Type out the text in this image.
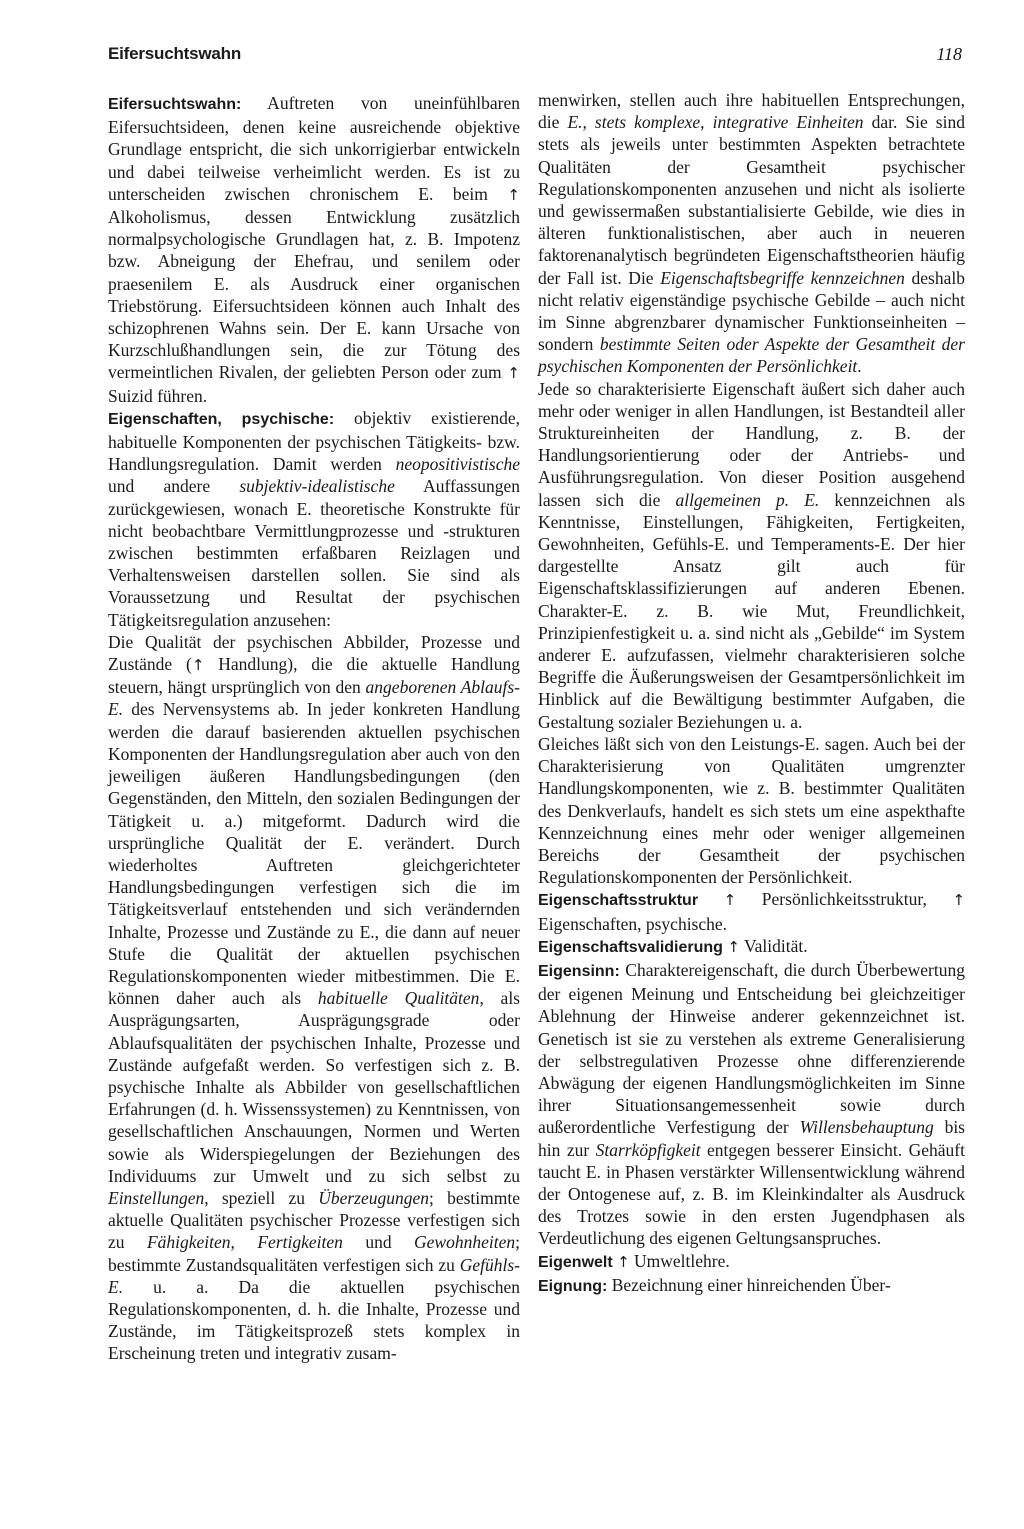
Eifersuchtswahn	118

Eifersuchtswahn: Auftreten von uneinfühlbaren Eifersuchtsideen, denen keine ausreichende objektive Grundlage entspricht, die sich unkorrigierbar entwickeln und dabei teilweise verheimlicht werden. Es ist zu unterscheiden zwischen chronischem E. beim ↑ Alkoholismus, dessen Entwicklung zusätzlich normalpsychologische Grundlagen hat, z. B. Impotenz bzw. Abneigung der Ehefrau, und senilem oder praesenilem E. als Ausdruck einer organischen Triebstörung. Eifersuchtsideen können auch Inhalt des schizophrenen Wahns sein. Der E. kann Ursache von Kurzschlußhandlungen sein, die zur Tötung des vermeintlichen Rivalen, der geliebten Person oder zum ↑ Suizid führen.

Eigenschaften, psychische: objektiv existierende, habituelle Komponenten der psychischen Tätigkeits- bzw. Handlungsregulation. Damit werden neopositivistische und andere subjektiv-idealistische Auffassungen zurückgewiesen, wonach E. theoretische Konstrukte für nicht beobachtbare Vermittlungprozesse und -strukturen zwischen bestimmten erfaßbaren Reizlagen und Verhaltensweisen darstellen sollen. Sie sind als Voraussetzung und Resultat der psychischen Tätigkeitsregulation anzusehen:

Die Qualität der psychischen Abbilder, Prozesse und Zustände (↑ Handlung), die die aktuelle Handlung steuern, hängt ursprünglich von den angeborenen Ablaufs-E. des Nervensystems ab. In jeder konkreten Handlung werden die darauf basierenden aktuellen psychischen Komponenten der Handlungsregulation aber auch von den jeweiligen äußeren Handlungsbedingungen (den Gegenständen, den Mitteln, den sozialen Bedingungen der Tätigkeit u. a.) mitgeformt. Dadurch wird die ursprüngliche Qualität der E. verändert. Durch wiederholtes Auftreten gleichgerichteter Handlungsbedingungen verfestigen sich die im Tätigkeitsverlauf entstehenden und sich verändernden Inhalte, Prozesse und Zustände zu E., die dann auf neuer Stufe die Qualität der aktuellen psychischen Regulationskomponenten wieder mitbestimmen. Die E. können daher auch als habituelle Qualitäten, als Ausprägungsarten, Ausprägungsgrade oder Ablaufsqualitäten der psychischen Inhalte, Prozesse und Zustände aufgefaßt werden. So verfestigen sich z. B. psychische Inhalte als Abbilder von gesellschaftlichen Erfahrungen (d. h. Wissenssystemen) zu Kenntnissen, von gesellschaftlichen Anschauungen, Normen und Werten sowie als Widerspiegelungen der Beziehungen des Individuums zur Umwelt und zu sich selbst zu Einstellungen, speziell zu Überzeugungen; bestimmte aktuelle Qualitäten psychischer Prozesse verfestigen sich zu Fähigkeiten, Fertigkeiten und Gewohnheiten; bestimmte Zustandsqualitäten verfestigen sich zu Gefühls-E. u. a. Da die aktuellen psychischen Regulationskomponenten, d. h. die Inhalte, Prozesse und Zustände, im Tätigkeitsprozeß stets komplex in Erscheinung treten und integrativ zusam-

menwirken, stellen auch ihre habituellen Entsprechungen, die E., stets komplexe, integrative Einheiten dar. Sie sind stets als jeweils unter bestimmten Aspekten betrachtete Qualitäten der Gesamtheit psychischer Regulationskomponenten anzusehen und nicht als isolierte und gewissermaßen substantialisierte Gebilde, wie dies in älteren funktionalistischen, aber auch in neueren faktorenanalytisch begründeten Eigenschaftstheorien häufig der Fall ist. Die Eigenschaftsbegriffe kennzeichnen deshalb nicht relativ eigenständige psychische Gebilde – auch nicht im Sinne abgrenzbarer dynamischer Funktionseinheiten – sondern bestimmte Seiten oder Aspekte der Gesamtheit der psychischen Komponenten der Persönlichkeit.

Jede so charakterisierte Eigenschaft äußert sich daher auch mehr oder weniger in allen Handlungen, ist Bestandteil aller Struktureinheiten der Handlung, z. B. der Handlungsorientierung oder der Antriebs- und Ausführungsregulation. Von dieser Position ausgehend lassen sich die allgemeinen p. E. kennzeichnen als Kenntnisse, Einstellungen, Fähigkeiten, Fertigkeiten, Gewohnheiten, Gefühls-E. und Temperaments-E. Der hier dargestellte Ansatz gilt auch für Eigenschaftsklassifizierungen auf anderen Ebenen. Charakter-E. z. B. wie Mut, Freundlichkeit, Prinzipienfestigkeit u. a. sind nicht als „Gebilde“ im System anderer E. aufzufassen, vielmehr charakterisieren solche Begriffe die Äußerungsweisen der Gesamtpersönlichkeit im Hinblick auf die Bewältigung bestimmter Aufgaben, die Gestaltung sozialer Beziehungen u. a.

Gleiches läßt sich von den Leistungs-E. sagen. Auch bei der Charakterisierung von Qualitäten umgrenzter Handlungskomponenten, wie z. B. bestimmter Qualitäten des Denkverlaufs, handelt es sich stets um eine aspekthafte Kennzeichnung eines mehr oder weniger allgemeinen Bereichs der Gesamtheit der psychischen Regulationskomponenten der Persönlichkeit.

Eigenschaftsstruktur ↑ Persönlichkeitsstruktur, ↑ Eigenschaften, psychische.

Eigenschaftsvalidierung ↑ Validität.

Eigensinn: Charaktereigenschaft, die durch Überbewertung der eigenen Meinung und Entscheidung bei gleichzeitiger Ablehnung der Hinweise anderer gekennzeichnet ist. Genetisch ist sie zu verstehen als extreme Generalisierung der selbstregulativen Prozesse ohne differenzierende Abwägung der eigenen Handlungsmöglichkeiten im Sinne ihrer Situationsangemessenheit sowie durch außerordentliche Verfestigung der Willensbehauptung bis hin zur Starrköpfigkeit entgegen besserer Einsicht. Gehäuft taucht E. in Phasen verstärkter Willensentwicklung während der Ontogenese auf, z. B. im Kleinkindalter als Ausdruck des Trotzes sowie in den ersten Jugendphasen als Verdeutlichung des eigenen Geltungsanspruches.

Eigenwelt ↑ Umweltlehre.

Eignung: Bezeichnung einer hinreichenden Über-
